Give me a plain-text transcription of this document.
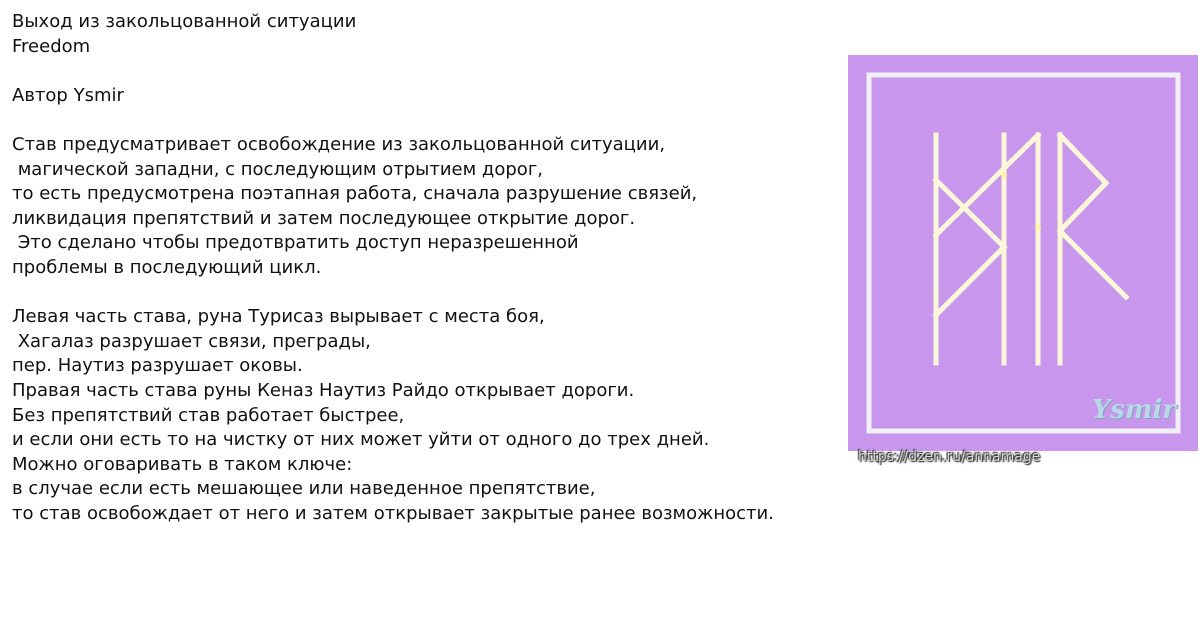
Выход из закольцованной ситуации
Freedom
Автор Ysmir
Став предусматривает освобождение из закольцованной ситуации,
магической западни, с последующим отрытием дорог,
то есть предусмотрена поэтапная работа, сначала разрушение связей,
ликвидация препятствий и затем последующее открытие дорог.
Это сделано чтобы предотвратить доступ неразрешенной
проблемы в последующий цикл.
Левая часть става, руна Турисаз вырывает с места боя,
Хагалаз разрушает связи, преграды,
пер. Наутиз разрушает оковы.
Правая часть става руны Кеназ Наутиз Райдо открывает дороги.
Без препятствий став работает быстрее,
и если они есть то на чистку от них может уйти от одного до трех дней.
Можно оговаривать в таком ключе:
в случае если есть мешающее или наведенное препятствие,
то став освобождает от него и затем открывает закрытые ранее возможности.
Ysmir
https://dzen.ru/annamage
